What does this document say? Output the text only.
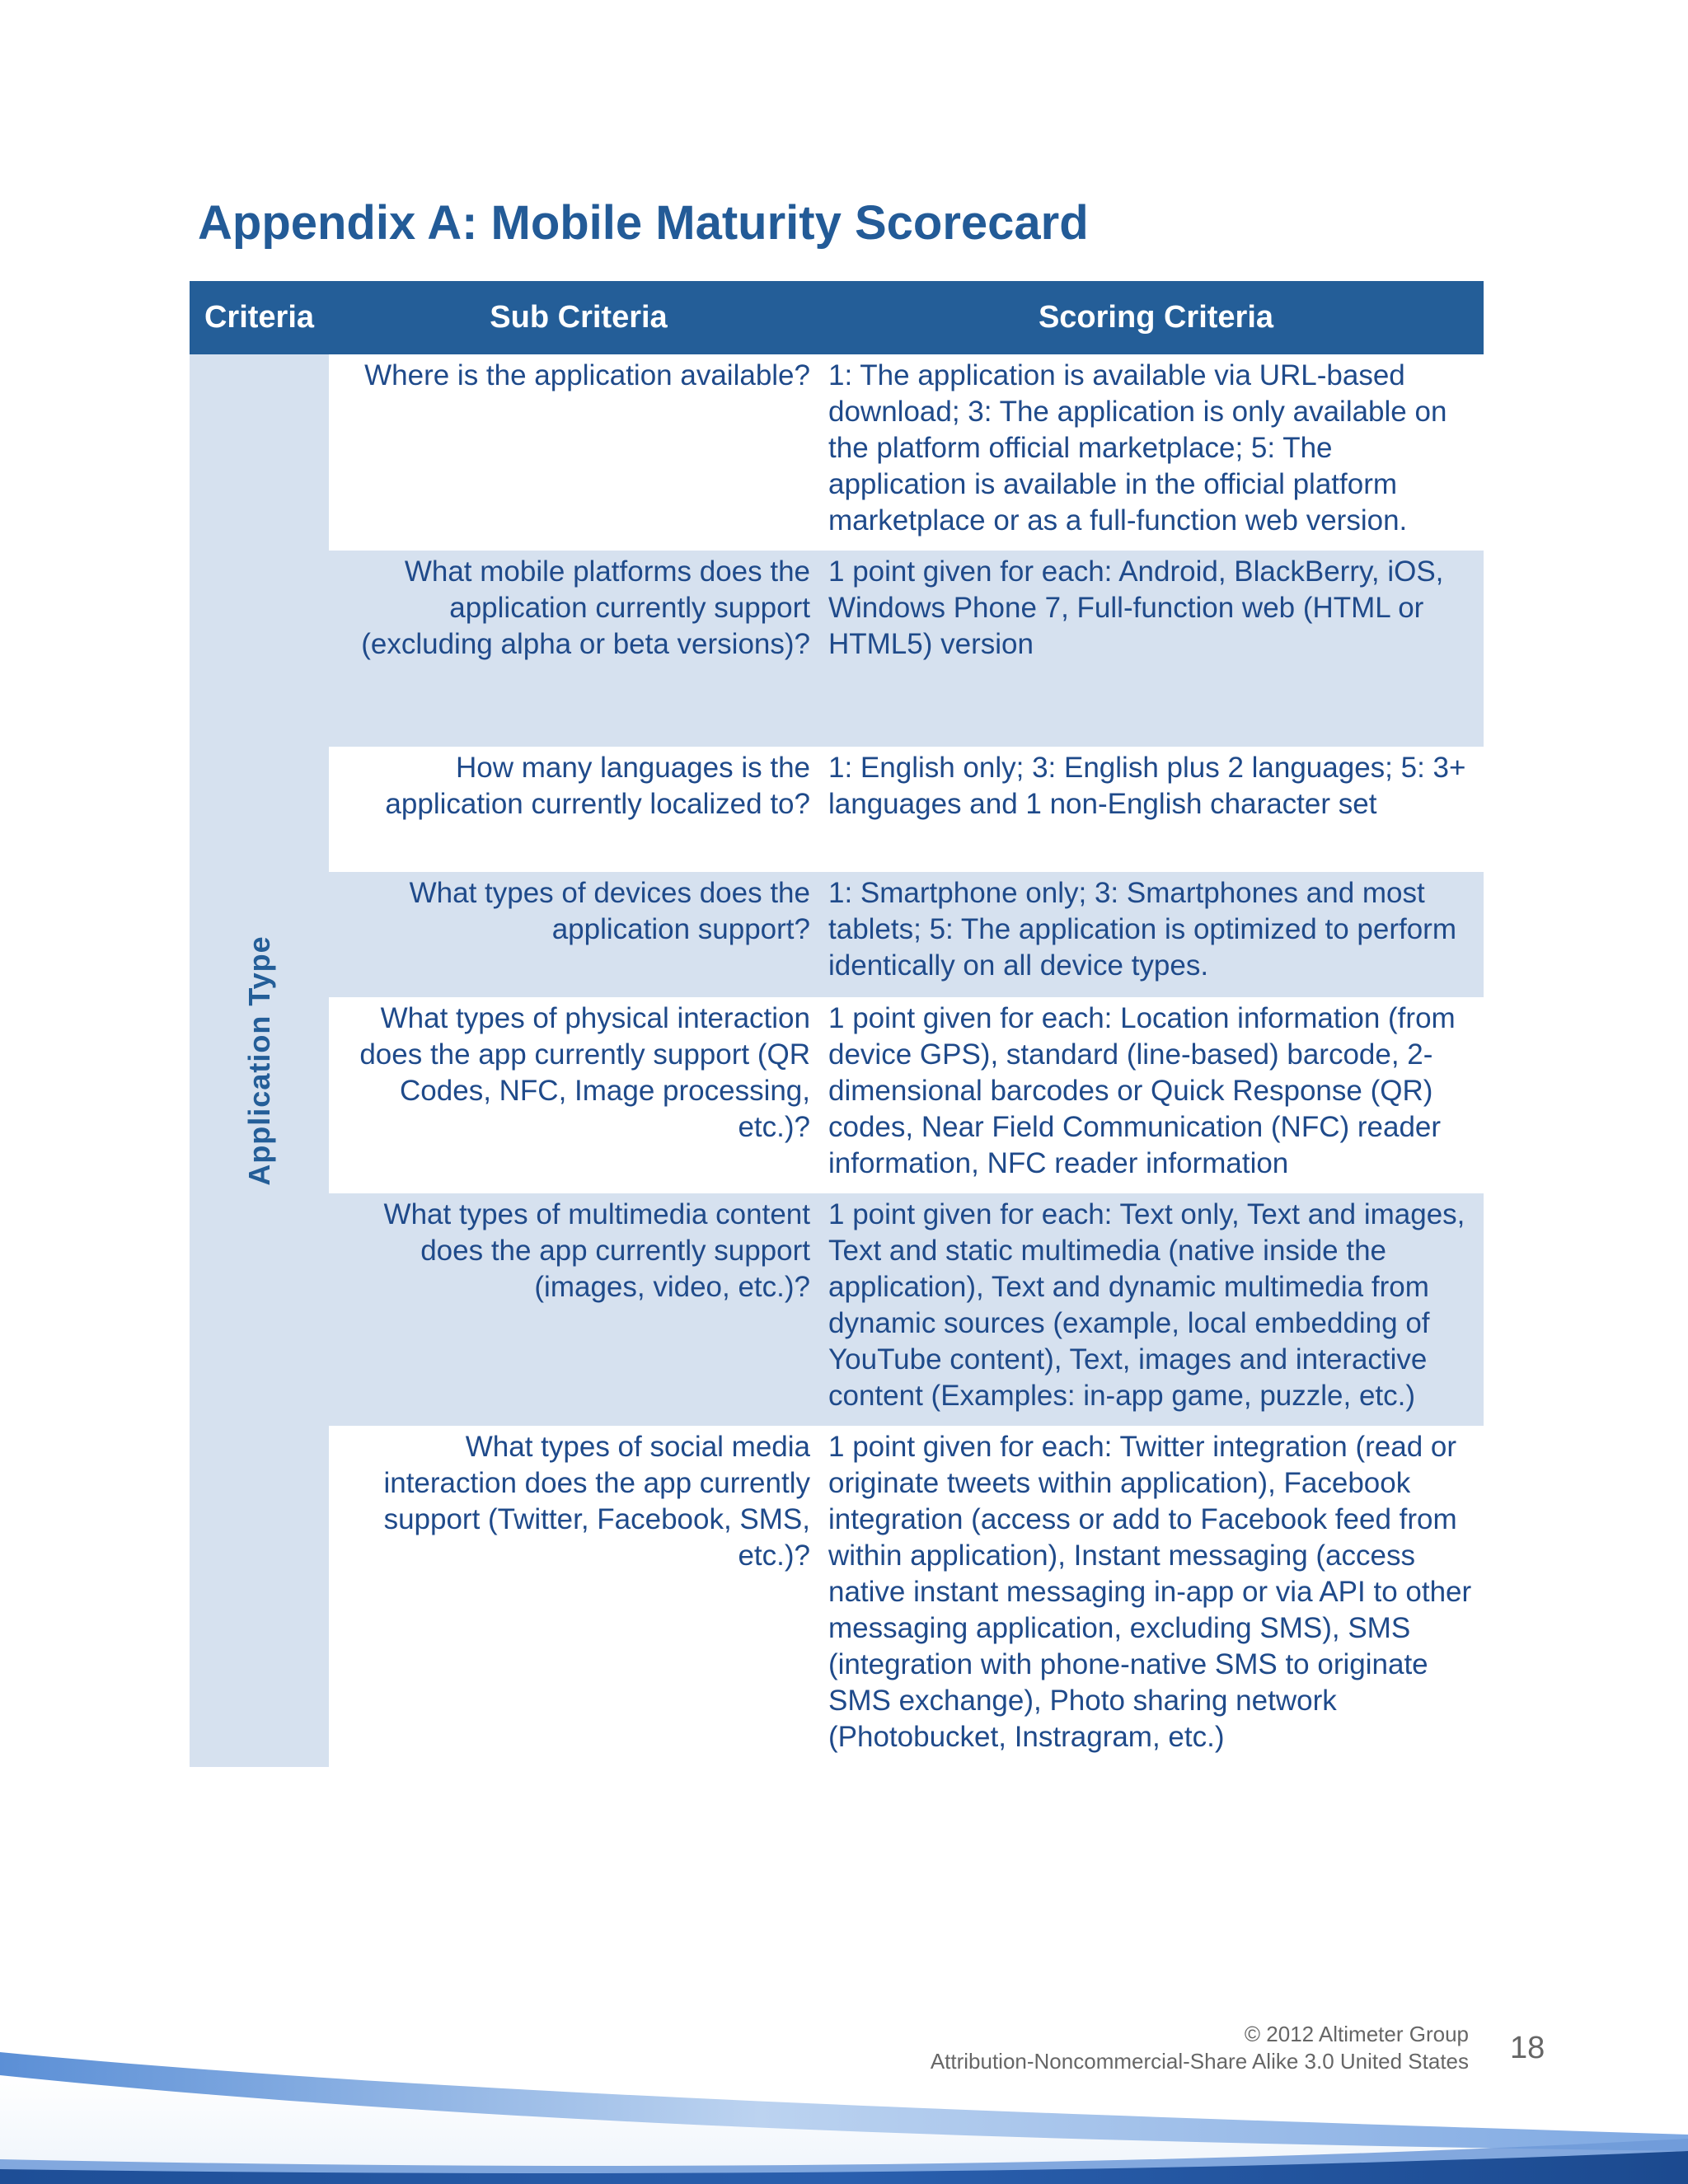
Appendix A: Mobile Maturity Scorecard
Criteria	Sub Criteria	Scoring Criteria

Application Type	Where is the application available?	1: The application is available via URL-based download; 3: The application is only available on the platform official marketplace; 5: The application is available in the official platform marketplace or as a full-function web version.

	What mobile platforms does the application currently support (excluding alpha or beta versions)?	1 point given for each: Android, BlackBerry, iOS, Windows Phone 7, Full-function web (HTML or HTML5) version

	How many languages is the application currently localized to?	1: English only; 3: English plus 2 languages; 5: 3+ languages and 1 non-English character set

	What types of devices does the application support?	1: Smartphone only; 3: Smartphones and most tablets; 5: The application is optimized to perform identically on all device types.

	What types of physical interaction does the app currently support (QR Codes, NFC, Image processing, etc.)?	1 point given for each: Location information (from device GPS), standard (line-based) barcode, 2-dimensional barcodes or Quick Response (QR) codes, Near Field Communication (NFC) reader information, NFC reader information

	What types of multimedia content does the app currently support (images, video, etc.)?	1 point given for each: Text only, Text and images, Text and static multimedia (native inside the application), Text and dynamic multimedia from dynamic sources (example, local embedding of YouTube content), Text, images and interactive content (Examples: in-app game, puzzle, etc.)

	What types of social media interaction does the app currently support (Twitter, Facebook, SMS, etc.)?	1 point given for each: Twitter integration (read or originate tweets within application), Facebook integration (access or add to Facebook feed from within application), Instant messaging (access native instant messaging in-app or via API to other messaging application, excluding SMS), SMS (integration with phone-native SMS to originate SMS exchange), Photo sharing network (Photobucket, Instragram, etc.)
© 2012 Altimeter Group
Attribution-Noncommercial-Share Alike 3.0 United States 18
